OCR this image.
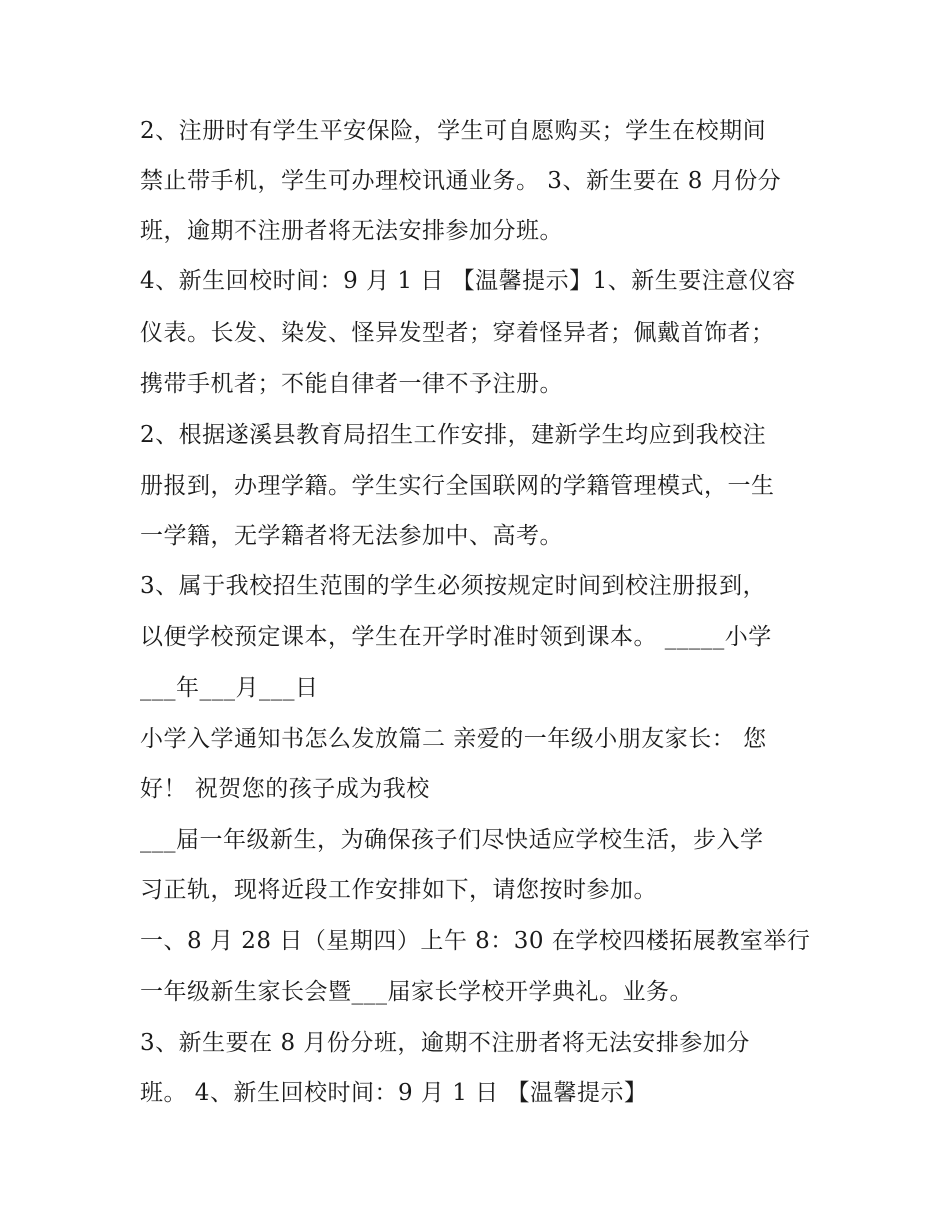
2、注册时有学生平安保险，学生可自愿购买；学生在校期间
禁止带手机，学生可办理校讯通业务。 3、新生要在 8 月份分
班，逾期不注册者将无法安排参加分班。
4、新生回校时间：9 月 1 日 【温馨提示】1、新生要注意仪容
仪表。长发、染发、怪异发型者；穿着怪异者；佩戴首饰者；
携带手机者；不能自律者一律不予注册。
2、根据遂溪县教育局招生工作安排，建新学生均应到我校注
册报到，办理学籍。学生实行全国联网的学籍管理模式，一生
一学籍，无学籍者将无法参加中、高考。
3、属于我校招生范围的学生必须按规定时间到校注册报到，
以便学校预定课本，学生在开学时准时领到课本。 _____小学
___年___月___日
小学入学通知书怎么发放篇二 亲爱的一年级小朋友家长： 您
好！ 祝贺您的孩子成为我校
___届一年级新生，为确保孩子们尽快适应学校生活，步入学
习正轨，现将近段工作安排如下，请您按时参加。
一、8 月 28 日（星期四）上午 8：30 在学校四楼拓展教室举行
一年级新生家长会暨___届家长学校开学典礼。业务。
3、新生要在 8 月份分班，逾期不注册者将无法安排参加分
班。 4、新生回校时间：9 月 1 日 【温馨提示】
